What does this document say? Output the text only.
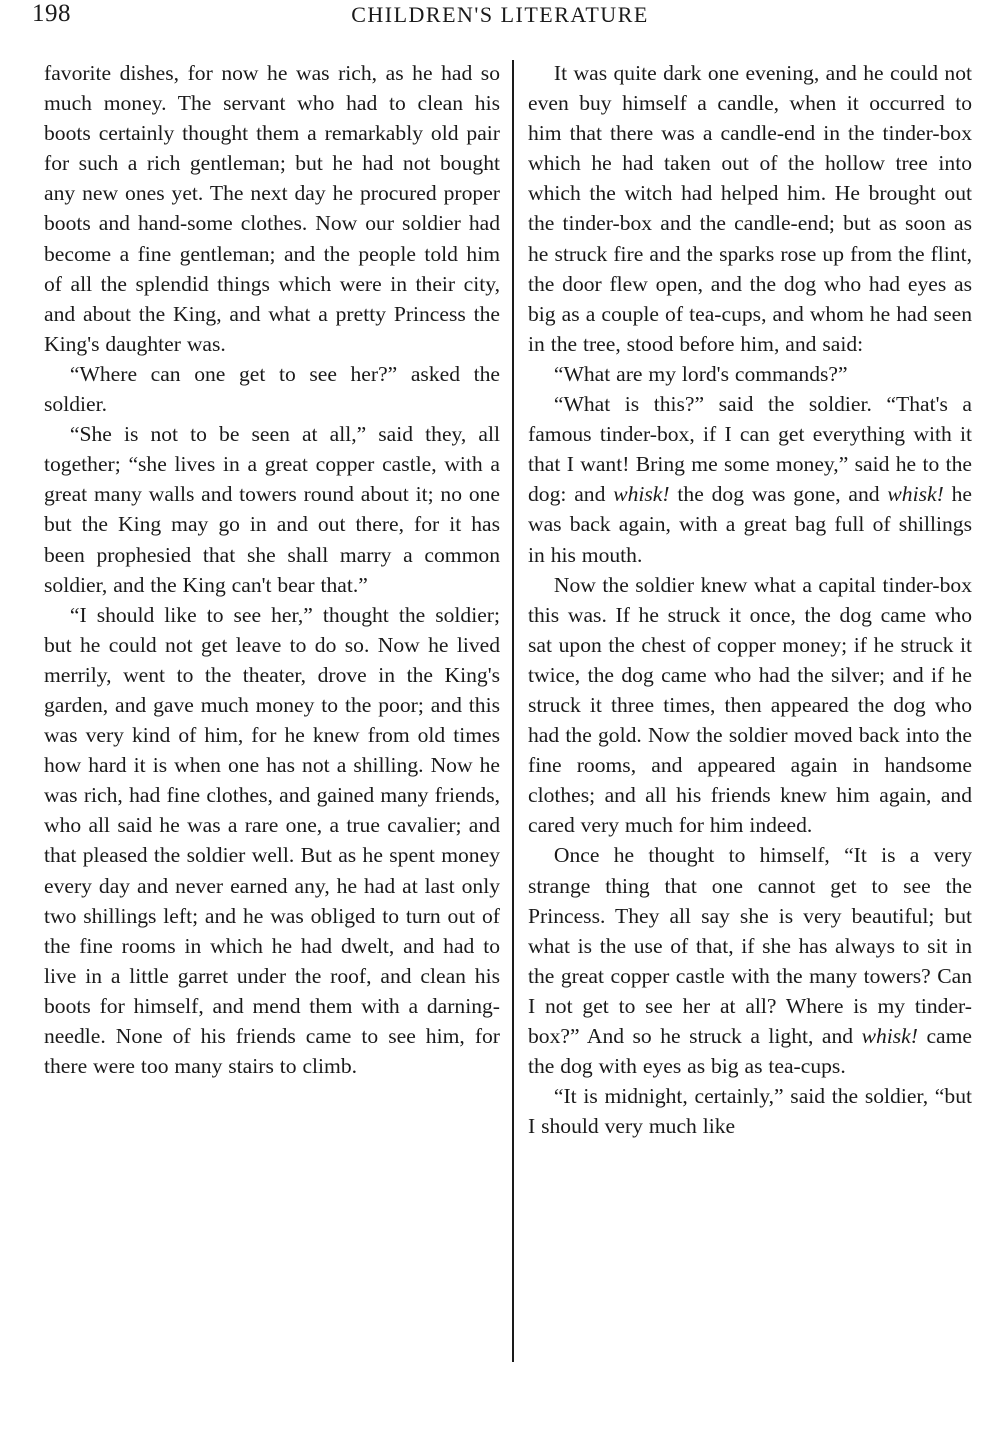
198	CHILDREN'S LITERATURE

favorite dishes, for now he was rich, as he had so much money. The servant who had to clean his boots certainly thought them a remarkably old pair for such a rich gentleman; but he had not bought any new ones yet. The next day he procured proper boots and hand-some clothes. Now our soldier had become a fine gentleman; and the people told him of all the splendid things which were in their city, and about the King, and what a pretty Princess the King's daughter was.

“Where can one get to see her?” asked the soldier.

“She is not to be seen at all,” said they, all together; “she lives in a great copper castle, with a great many walls and towers round about it; no one but the King may go in and out there, for it has been prophesied that she shall marry a common soldier, and the King can't bear that.”

“I should like to see her,” thought the soldier; but he could not get leave to do so. Now he lived merrily, went to the theater, drove in the King's garden, and gave much money to the poor; and this was very kind of him, for he knew from old times how hard it is when one has not a shilling. Now he was rich, had fine clothes, and gained many friends, who all said he was a rare one, a true cavalier; and that pleased the soldier well. But as he spent money every day and never earned any, he had at last only two shillings left; and he was obliged to turn out of the fine rooms in which he had dwelt, and had to live in a little garret under the roof, and clean his boots for himself, and mend them with a darning-needle. None of his friends came to see him, for there were too many stairs to climb.

It was quite dark one evening, and he could not even buy himself a candle, when it occurred to him that there was a candle-end in the tinder-box which he had taken out of the hollow tree into which the witch had helped him. He brought out the tinder-box and the candle-end; but as soon as he struck fire and the sparks rose up from the flint, the door flew open, and the dog who had eyes as big as a couple of tea-cups, and whom he had seen in the tree, stood before him, and said:

“What are my lord's commands?”

“What is this?” said the soldier. “That's a famous tinder-box, if I can get everything with it that I want! Bring me some money,” said he to the dog: and whisk! the dog was gone, and whisk! he was back again, with a great bag full of shillings in his mouth.

Now the soldier knew what a capital tinder-box this was. If he struck it once, the dog came who sat upon the chest of copper money; if he struck it twice, the dog came who had the silver; and if he struck it three times, then appeared the dog who had the gold. Now the soldier moved back into the fine rooms, and appeared again in handsome clothes; and all his friends knew him again, and cared very much for him indeed.

Once he thought to himself, “It is a very strange thing that one cannot get to see the Princess. They all say she is very beautiful; but what is the use of that, if she has always to sit in the great copper castle with the many towers? Can I not get to see her at all? Where is my tinder-box?” And so he struck a light, and whisk! came the dog with eyes as big as tea-cups.

“It is midnight, certainly,” said the soldier, “but I should very much like
